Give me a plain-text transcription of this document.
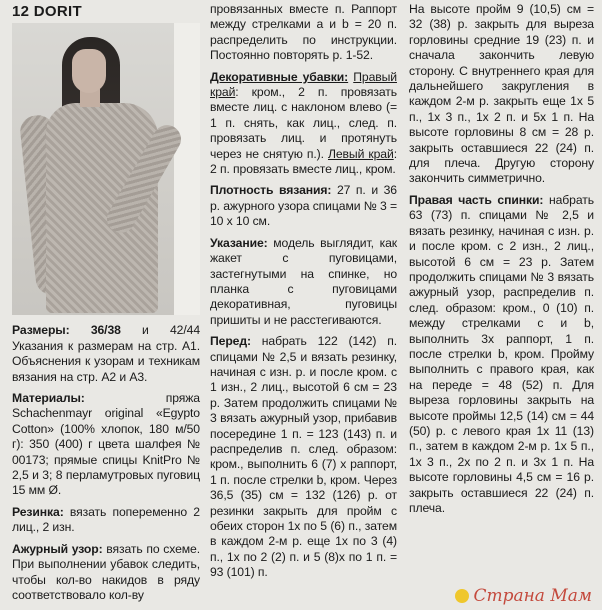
12 DORIT

Размеры: 36/38 и 42/44 Указания к размерам на стр. A1. Объяснения к узорам и техникам вязания на стр. A2 и A3.

Материалы:	пряжа Schachenmayr original «Egypto Cotton» (100% хлопок, 180 м/50 г): 350 (400) г цвета шалфея № 00173; прямые спицы KnitPro № 2,5 и 3; 8 перламутровых пуговиц 15 мм Ø.

Резинка: вязать попеременно 2 лиц., 2 изн.

Ажурный узор: вязать по схеме. При выполнении убавок следить, чтобы кол-во накидов в ряду соответствовало кол-ву

провязанных вместе п. Раппорт между стрелками a и b = 20 п. распределить по инструкции. Постоянно повторять р. 1-52.

Декоративные убавки: Правый край: кром., 2 п. провязать вместе лиц. с наклоном влево (= 1 п. снять, как лиц., след. п. провязать лиц. и протянуть через не снятую п.). Левый край: 2 п. провязать вместе лиц., кром.

Плотность вязания: 27 п. и 36 р. ажурного узора спицами № 3 = 10 x 10 см.

Указание: модель выглядит, как жакет с пуговицами, застегнутыми на спинке, но планка с пуговицами декоративная, пуговицы пришиты и не расстегиваются.

Перед: набрать 122 (142) п. спицами № 2,5 и вязать резинку, начиная с изн. р. и после кром. с 1 изн., 2 лиц., высотой 6 см = 23 р. Затем продолжить спицами № 3 вязать ажурный узор, прибавив посередине 1 п. = 123 (143) п. и распределив п. след. образом: кром., выполнить 6 (7) x раппорт, 1 п. после стрелки b, кром. Через 36,5 (35) см = 132 (126) р. от резинки закрыть для пройм с обеих сторон 1x по 5 (6) п., затем в каждом 2-м р. еще 1x по 3 (4) п., 1x по 2 (2) п. и 5 (8)x по 1 п. = 93 (101) п.

На высоте пройм 9 (10,5) см = 32 (38) р. закрыть для выреза горловины средние 19 (23) п. и сначала закончить левую сторону. С внутреннего края для дальнейшего закругления в каждом 2-м р. закрыть еще 1x 5 п., 1x 3 п., 1x 2 п. и 5x 1 п. На высоте горловины 8 см = 28 р. закрыть оставшиеся 22 (24) п. для плеча. Другую сторону закончить симметрично.

Правая часть спинки: набрать 63 (73) п. спицами № 2,5 и вязать резинку, начиная с изн. р. и после кром. с 2 изн., 2 лиц., высотой 6 см = 23 р. Затем продолжить спицами № 3 вязать ажурный узор, распределив п. след. образом: кром., 0 (10) п. между стрелками c и b, выполнить 3x раппорт, 1 п. после стрелки b, кром. Пройму выполнить с правого края, как на переде = 48 (52) п. Для выреза горловины закрыть на высоте проймы 12,5 (14) см = 44 (50) р. с левого края 1x 11 (13) п., затем в каждом 2-м р. 1x 5 п., 1x 3 п., 2x по 2 п. и 3x 1 п. На высоте горловины 4,5 см = 16 р. закрыть оставшиеся 22 (24) п. плеча.

Страна Мам
